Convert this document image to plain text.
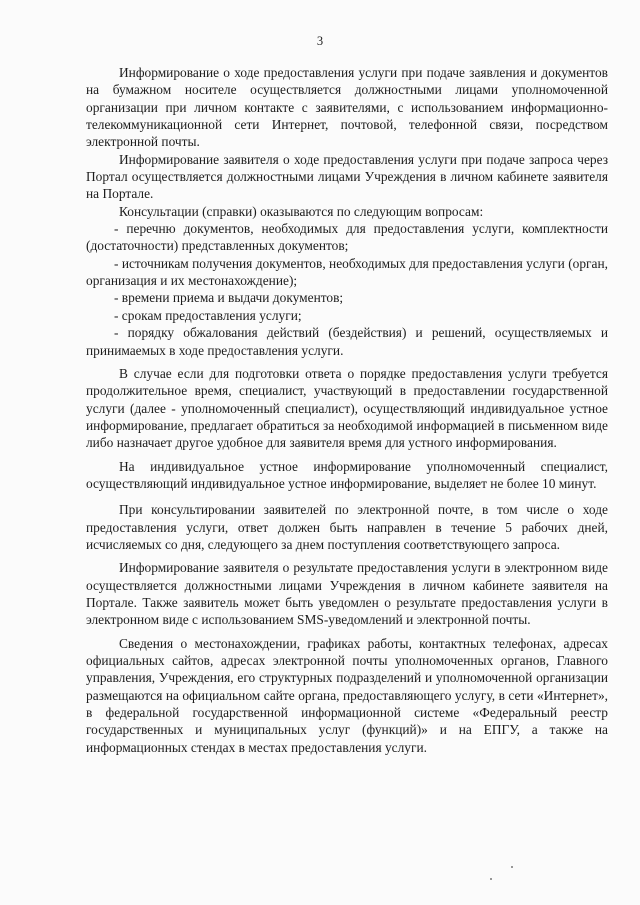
3

Информирование о ходе предоставления услуги при подаче заявления и документов на бумажном носителе осуществляется должностными лицами уполномоченной организации при личном контакте с заявителями, с использованием информационно-телекоммуникационной сети Интернет, почтовой, телефонной связи, посредством электронной почты.

Информирование заявителя о ходе предоставления услуги при подаче запроса через Портал осуществляется должностными лицами Учреждения в личном кабинете заявителя на Портале.

Консультации (справки) оказываются по следующим вопросам:

- перечню документов, необходимых для предоставления услуги, комплектности (достаточности) представленных документов;

- источникам получения документов, необходимых для предоставления услуги (орган, организация и их местонахождение);

- времени приема и выдачи документов;

- срокам предоставления услуги;

- порядку обжалования действий (бездействия) и решений, осуществляемых и принимаемых в ходе предоставления услуги.

В случае если для подготовки ответа о порядке предоставления услуги требуется продолжительное время, специалист, участвующий в предоставлении государственной услуги (далее - уполномоченный специалист), осуществляющий индивидуальное устное информирование, предлагает обратиться за необходимой информацией в письменном виде либо назначает другое удобное для заявителя время для устного информирования.

На индивидуальное устное информирование уполномоченный специалист, осуществляющий индивидуальное устное информирование, выделяет не более 10 минут.

При консультировании заявителей по электронной почте, в том числе о ходе предоставления услуги, ответ должен быть направлен в течение 5 рабочих дней, исчисляемых со дня, следующего за днем поступления соответствующего запроса.

Информирование заявителя о результате предоставления услуги в электронном виде осуществляется должностными лицами Учреждения в личном кабинете заявителя на Портале. Также заявитель может быть уведомлен о результате предоставления услуги в электронном виде с использованием SMS-уведомлений и электронной почты.

Сведения о местонахождении, графиках работы, контактных телефонах, адресах официальных сайтов, адресах электронной почты уполномоченных органов, Главного управления, Учреждения, его структурных подразделений и уполномоченной организации размещаются на официальном сайте органа, предоставляющего услугу, в сети «Интернет», в федеральной государственной информационной системе «Федеральный реестр государственных и муниципальных услуг (функций)» и на ЕПГУ, а также на информационных стендах в местах предоставления услуги.
